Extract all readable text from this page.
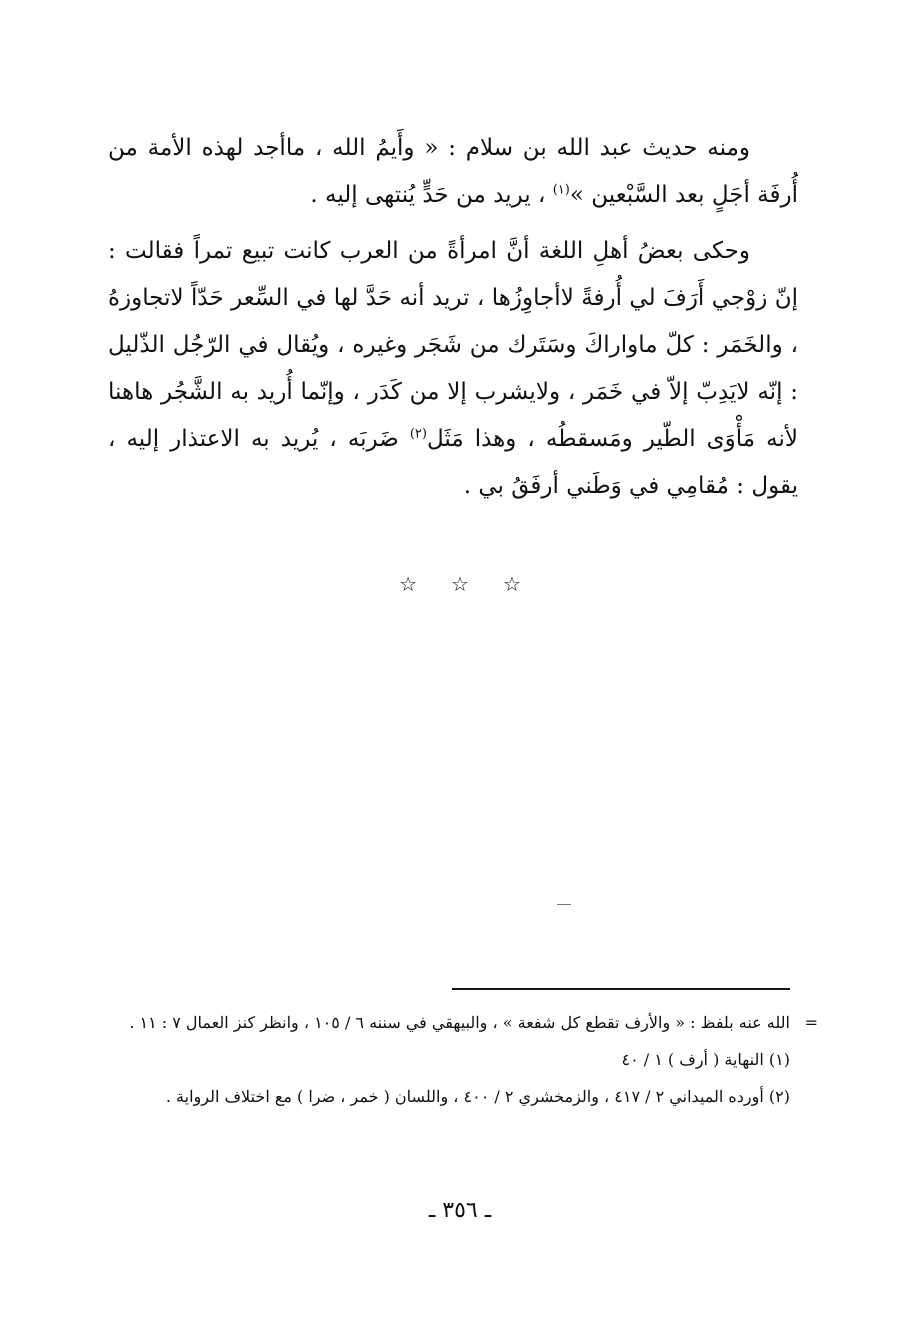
ومنه حديث عبد الله بن سلام : « وأَيمُ الله ، ماأجد لهذه الأمة من أُرفَة أجَلٍ بعد السَّبْعين »$^{(١)}$ ، يريد من حَدٍّ يُنتهى إليه .

وحكى بعضُ أهلِ اللغة أنَّ امرأةً من العرب كانت تبيع تمراً فقالت : إنّ زوْجي أَرَفَ لي أُرفةً لاأجاوِزُها ، تريد أنه حَدَّ لها في السِّعر حَدّاً لاتجاوزهُ ، والخَمَر : كلّ ماواراكَ وسَتَرك من شَجَر وغيره ، ويُقال في الرّجُل الذّليل : إنّه لايَدِبّ إلاّ في خَمَر ، ولايشرب إلا من كَدَر ، وإنّما أُريد به الشَّجُر هاهنا لأنه مَأْوَى الطّير ومَسقطُه ، وهذا مَثَل$^{(٢)}$ ضَربَه ، يُريد به الاعتذار إليه ، يقول : مُقامِي في وَطَني أرفَقُ بي .

☆ ☆ ☆

=
الله عنه بلفظ : « والأرف تقطع كل شفعة » ، والبيهقي في سننه ٦ / ١٠٥ ، وانظر كنز العمال ٧ : ١١ .

(١) النهاية ( أرف ) ١ / ٤٠

(٢) أورده الميداني ٢ / ٤١٧ ، والزمخشري ٢ / ٤٠٠ ، واللسان ( خمر ، ضرا ) مع اختلاف الرواية .

ـ ٣٥٦ ـ
